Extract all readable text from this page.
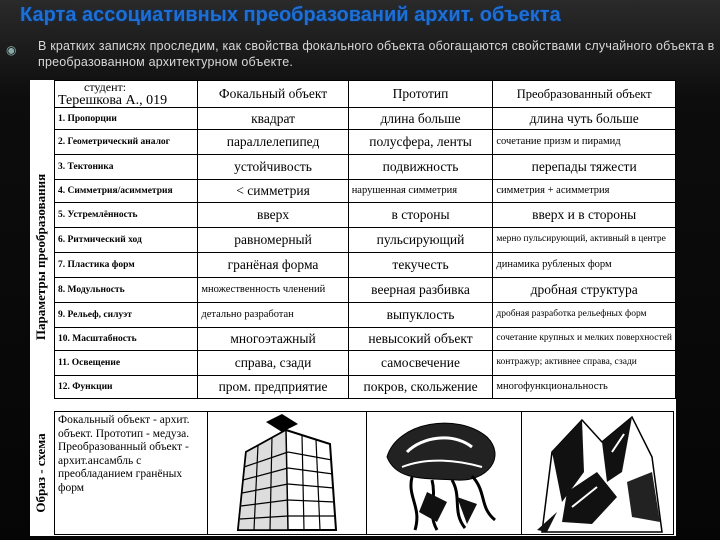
Карта ассоциативных преобразований архит. объекта
◉ В кратких записях проследим, как свойства фокального объекта обогащаются свойствами случайного объекта в преобразованном архитектурном объекте.
Параметры преобразования
Образ - схема
студент:
Терешкова А., 019	Фокальный объект	Прототип	Преобразованный объект
1. Пропорции	квадрат	длина больше	длина чуть больше
2. Геометрический аналог	параллелепипед	полусфера, ленты	сочетание призм и пирамид
3. Тектоника	устойчивость	подвижность	перепады тяжести
4. Симметрия/асимметрия	< симметрия	нарушенная симметрия	симметрия + асимметрия
5. Устремлённость	вверх	в стороны	вверх и в стороны
6. Ритмический ход	равномерный	пульсирующий	мерно пульсирующий, активный в центре
7. Пластика форм	гранёная форма	текучесть	динамика рубленых форм
8. Модульность	множественность членений	веерная разбивка	дробная структура
9. Рельеф, силуэт	детально разработан	выпуклость	дробная разработка рельефных форм
10. Масштабность	многоэтажный	невысокий объект	сочетание крупных и мелких поверхностей
11. Освещение	справа, сзади	самосвечение	контражур; активнее справа, сзади
12. Функции	пром. предприятие	покров, скольжение	многофункциональность
Фокальный объект - архит. объект. Прототип - медуза. Преобразованный объект - архит.ансамбль с преобладанием гранёных форм
